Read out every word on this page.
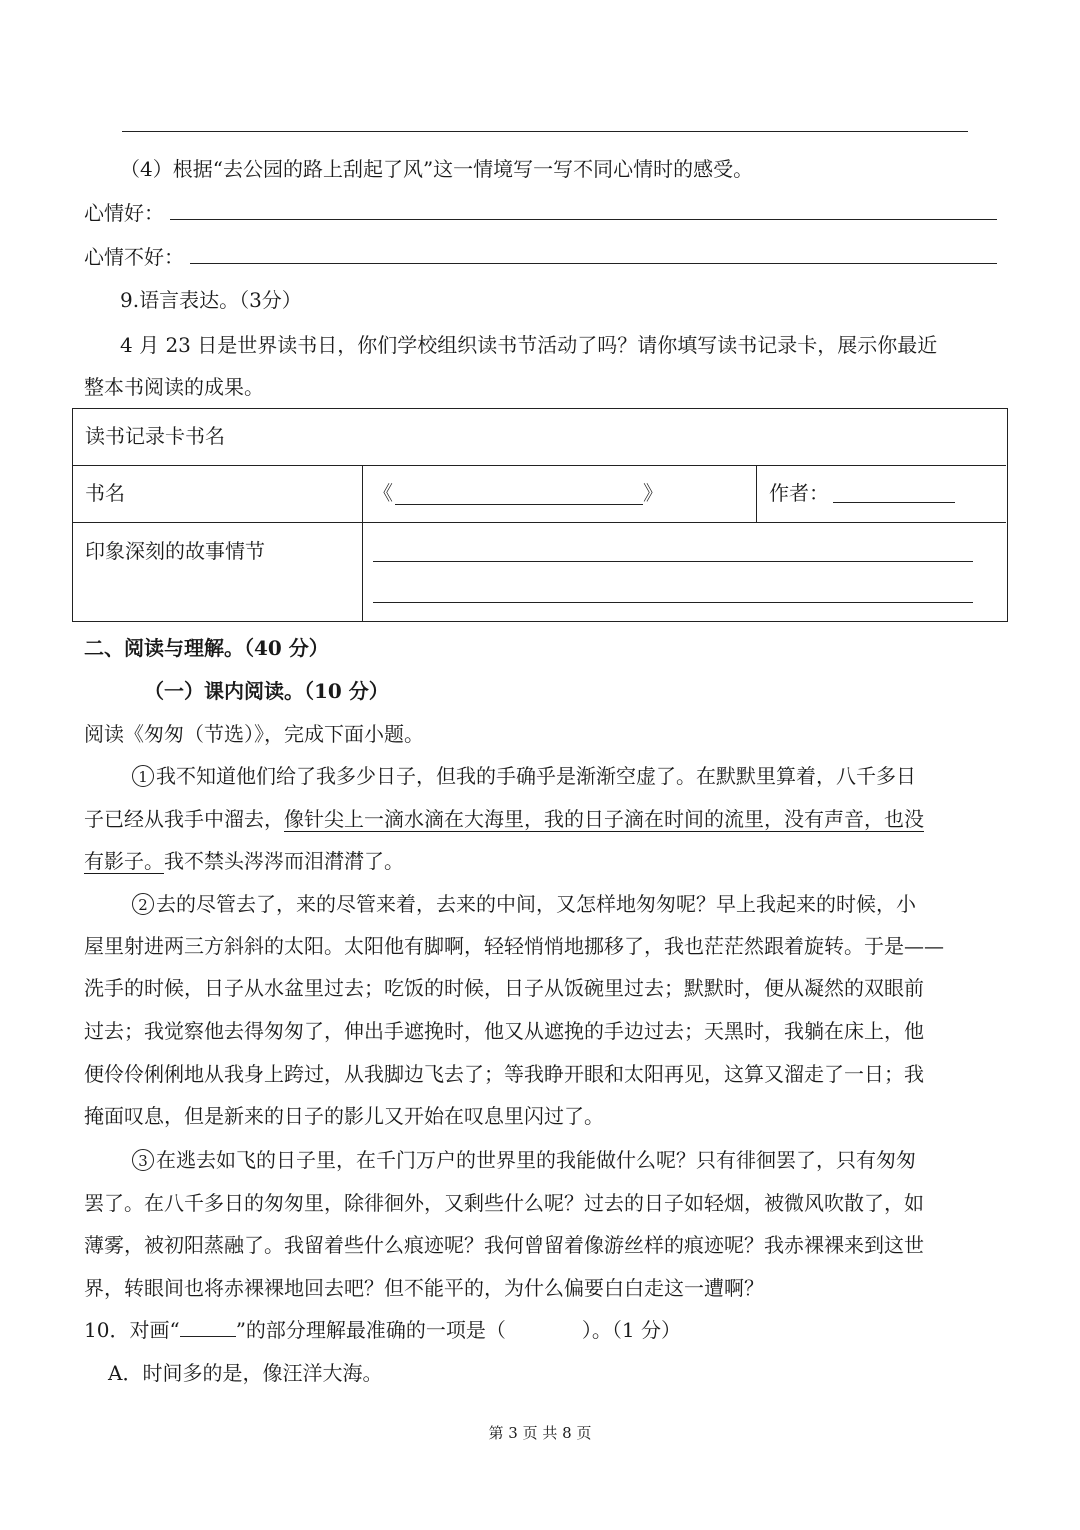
（4）根据“去公园的路上刮起了风”这一情境写一写不同心情时的感受。
心情好：
心情不好：
9.语言表达。（3分）
4 月 23 日是世界读书日，你们学校组织读书节活动了吗？请你填写读书记录卡，展示你最近
整本书阅读的成果。
读书记录卡书名
书名	《	》	作者：
印象深刻的故事情节
二、阅读与理解。（40 分）
（一）课内阅读。（10 分）
阅读《匆匆（节选）》，完成下面小题。
1 我不知道他们给了我多少日子，但我的手确乎是渐渐空虚了。在默默里算着，八千多日
子已经从我手中溜去，像针尖上一滴水滴在大海里，我的日子滴在时间的流里，没有声音，也没
有影子。我不禁头涔涔而泪潸潸了。
2 去的尽管去了，来的尽管来着，去来的中间，又怎样地匆匆呢？早上我起来的时候，小
屋里射进两三方斜斜的太阳。太阳他有脚啊，轻轻悄悄地挪移了，我也茫茫然跟着旋转。于是——
洗手的时候，日子从水盆里过去；吃饭的时候，日子从饭碗里过去；默默时，便从凝然的双眼前
过去；我觉察他去得匆匆了，伸出手遮挽时，他又从遮挽的手边过去；天黑时，我躺在床上，他
便伶伶俐俐地从我身上跨过，从我脚边飞去了；等我睁开眼和太阳再见，这算又溜走了一日；我
掩面叹息，但是新来的日子的影儿又开始在叹息里闪过了。
3 在逃去如飞的日子里，在千门万户的世界里的我能做什么呢？只有徘徊罢了，只有匆匆
罢了。在八千多日的匆匆里，除徘徊外，又剩些什么呢？过去的日子如轻烟，被微风吹散了，如
薄雾，被初阳蒸融了。我留着些什么痕迹呢？我何曾留着像游丝样的痕迹呢？我赤裸裸来到这世
界，转眼间也将赤裸裸地回去吧？但不能平的，为什么偏要白白走这一遭啊？
10．对画“	”的部分理解最准确的一项是（	）。（1 分）
A．时间多的是，像汪洋大海。
第 3 页 共 8 页
